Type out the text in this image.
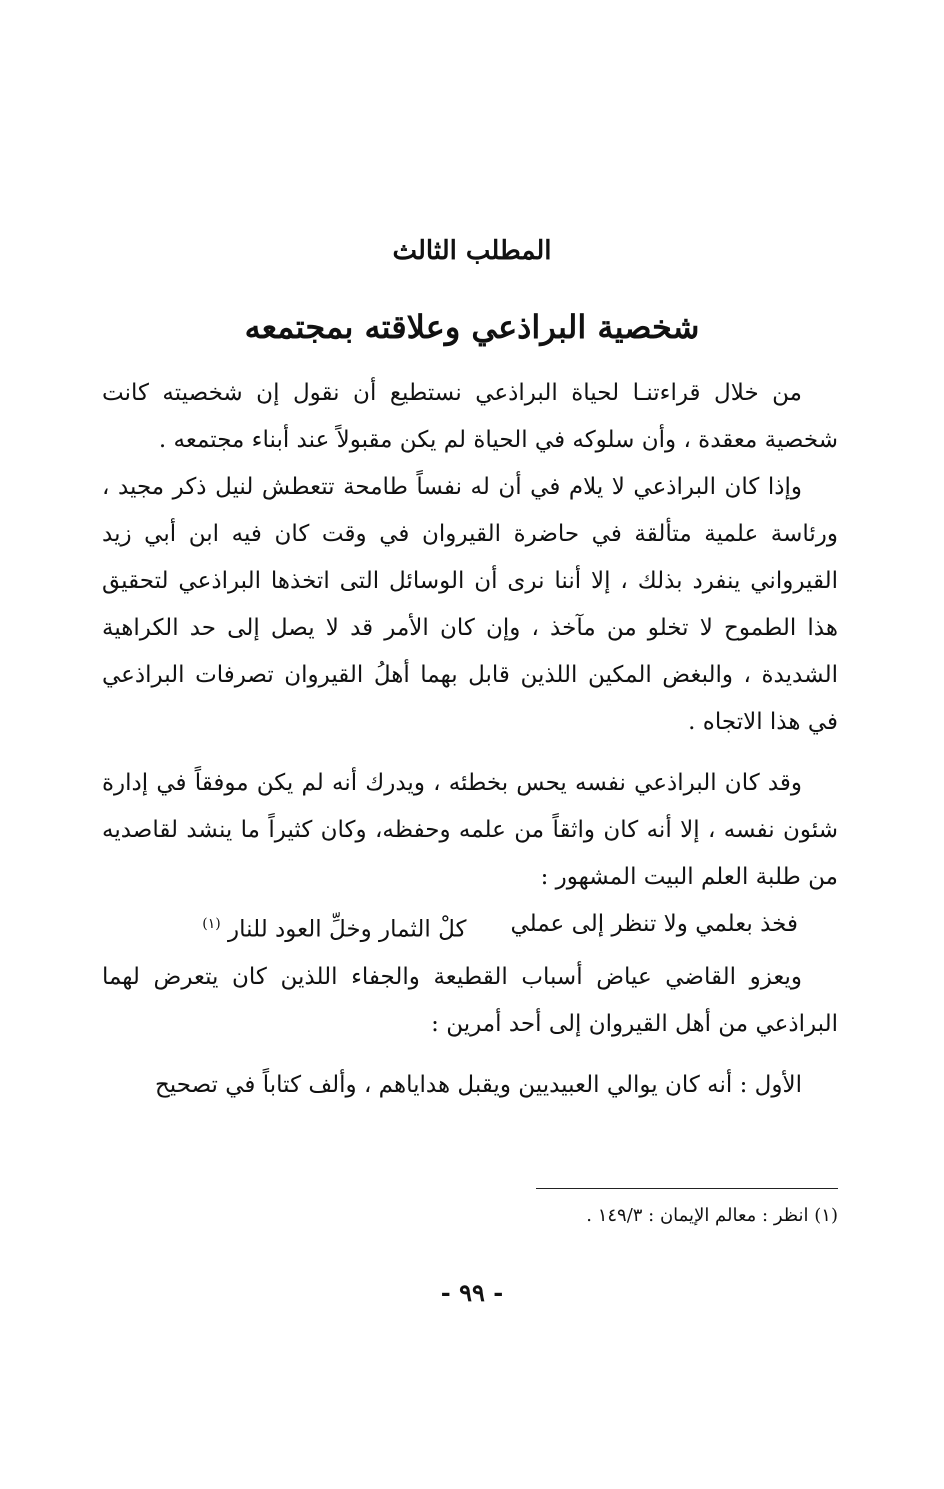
المطلب الثالث
شخصية البراذعي وعلاقته بمجتمعه

من خلال قراءتنـا لحياة البراذعي نستطيع أن نقول إن شخصيته كانت شخصية معقدة ، وأن سلوكه في الحياة لم يكن مقبولاً عند أبناء مجتمعه .

وإذا كان البراذعي لا يلام في أن له نفساً طامحة تتعطش لنيل ذكر مجيد ، ورئاسة علمية متألقة في حاضرة القيروان في وقت كان فيه ابن أبي زيد القيرواني ينفرد بذلك ، إلا أننا نرى أن الوسائل التى اتخذها البراذعي لتحقيق هذا الطموح لا تخلو من مآخذ ، وإن كان الأمر قد لا يصل إلى حد الكراهية الشديدة ، والبغض المكين اللذين قابل بهما أهلُ القيروان تصرفات البراذعي في هذا الاتجاه .

وقد كان البراذعي نفسه يحس بخطئه ، ويدرك أنه لم يكن موفقاً في إدارة شئون نفسه ، إلا أنه كان واثقاً من علمه وحفظه، وكان كثيراً ما ينشد لقاصديه من طلبة العلم البيت المشهور :

فخذ بعلمي ولا تنظر إلى عملي
كلْ الثمار وخلِّ العود للنار $^{(١)}$

ويعزو القاضي عياض أسباب القطيعة والجفاء اللذين كان يتعرض لهما البراذعي من أهل القيروان إلى أحد أمرين :

الأول : أنه كان يوالي العبيديين ويقبل هداياهم ، وألف كتاباً في تصحيح

(١) انظر : معالم الإيمان : ١٤٩/٣ .
- ٩٩ -
